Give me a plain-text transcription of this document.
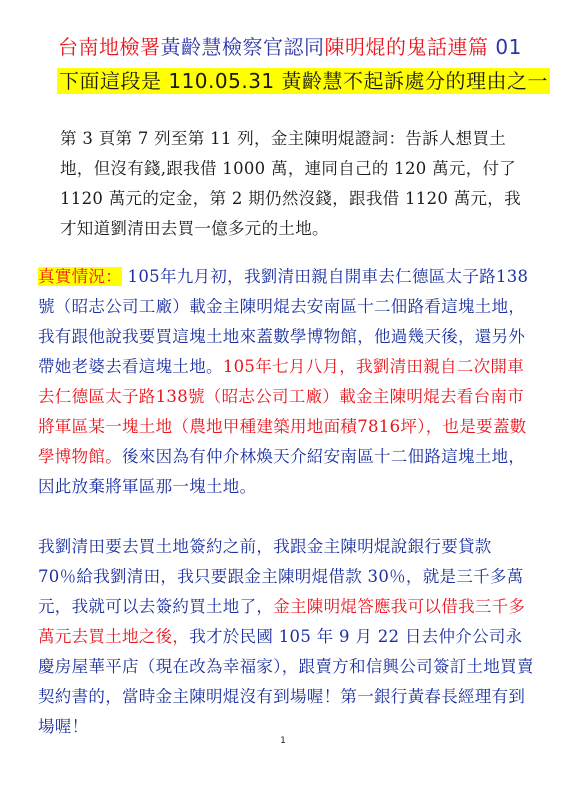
台南地檢署黃齡慧檢察官認同陳明焜的鬼話連篇 01
下面這段是 110.05.31 黃齡慧不起訴處分的理由之一
第 3 頁第 7 列至第 11 列，金主陳明焜證詞：告訴人想買土地，但沒有錢,跟我借 1000 萬，連同自己的 120 萬元，付了 1120 萬元的定金，第 2 期仍然沒錢，跟我借 1120 萬元，我才知道劉清田去買一億多元的土地。
真實情況： 105年九月初，我劉清田親自開車去仁德區太子路138號（昭志公司工廠）載金主陳明焜去安南區十二佃路看這塊土地，我有跟他說我要買這塊土地來蓋數學博物館，他過幾天後，還另外帶她老婆去看這塊土地。105年七月八月，我劉清田親自二次開車去仁德區太子路138號（昭志公司工廠）載金主陳明焜去看台南市將軍區某一塊土地（農地甲種建築用地面積7816坪），也是要蓋數學博物館。後來因為有仲介林煥天介紹安南區十二佃路這塊土地，因此放棄將軍區那一塊土地。
我劉清田要去買土地簽約之前，我跟金主陳明焜說銀行要貸款 70％給我劉清田，我只要跟金主陳明焜借款 30％，就是三千多萬元，我就可以去簽約買土地了，金主陳明焜答應我可以借我三千多萬元去買土地之後，我才於民國 105 年 9 月 22 日去仲介公司永慶房屋華平店（現在改為幸福家），跟賣方和信興公司簽訂土地買賣契約書的，當時金主陳明焜沒有到場喔！第一銀行黃春長經理有到場喔！
1
